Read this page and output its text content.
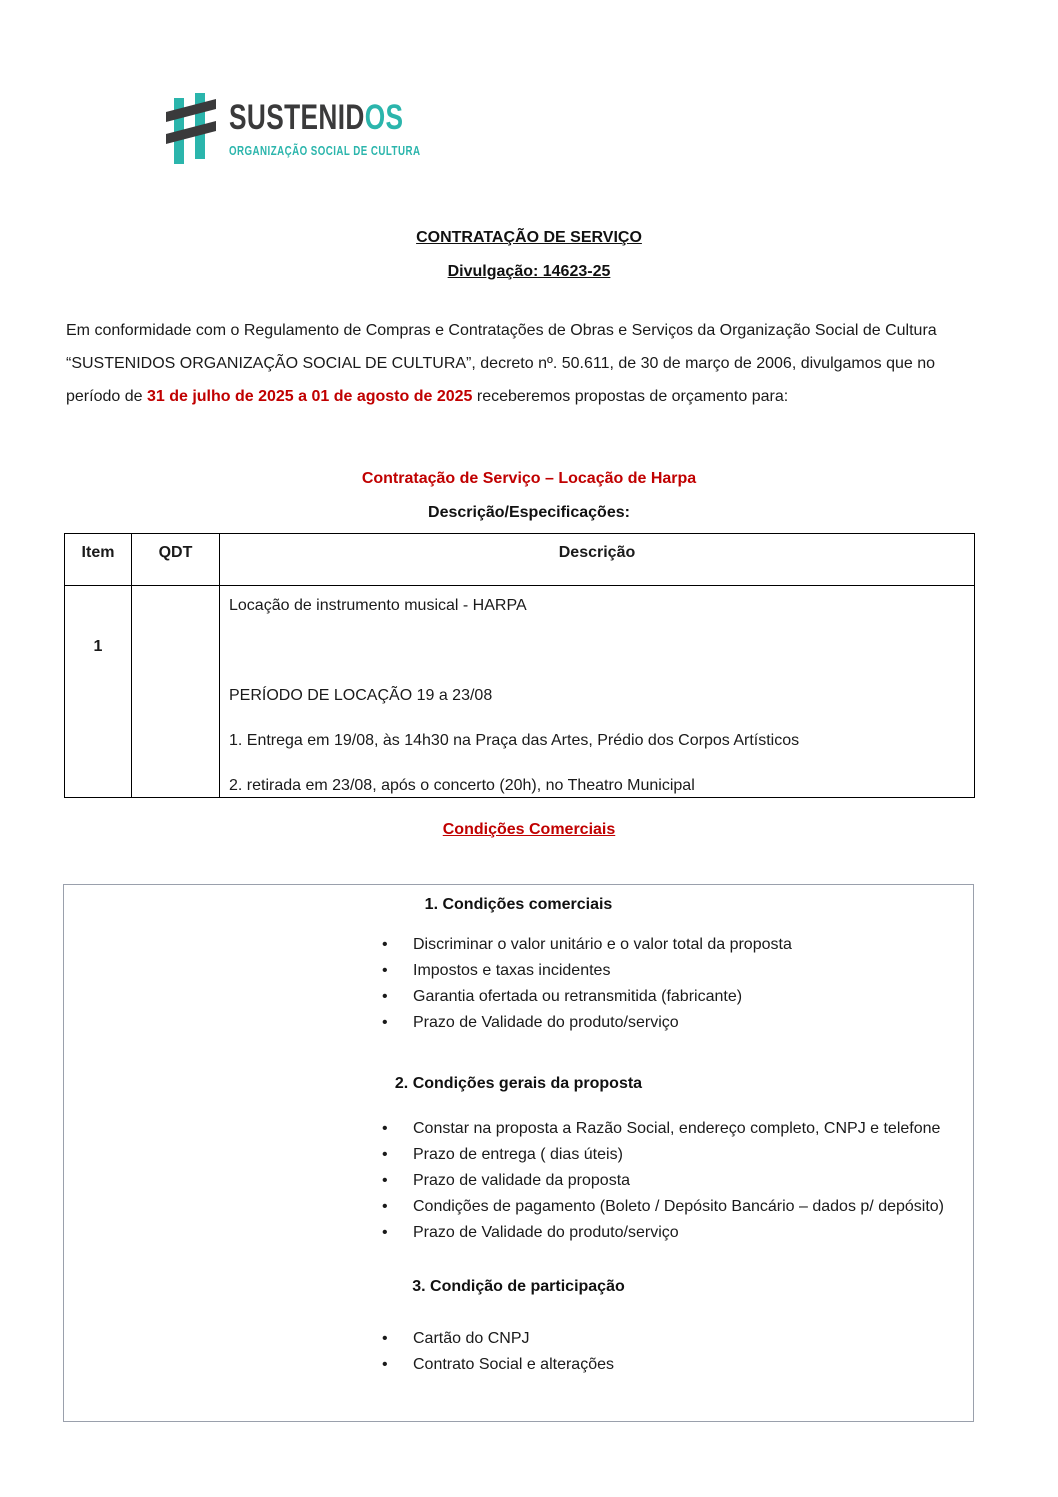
SUSTENIDOS
ORGANIZAÇÃO SOCIAL DE CULTURA
CONTRATAÇÃO DE SERVIÇO
Divulgação: 14623-25

Em conformidade com o Regulamento de Compras e Contratações de Obras e Serviços da Organização Social de Cultura “SUSTENIDOS ORGANIZAÇÃO SOCIAL DE CULTURA”, decreto nº. 50.611, de 30 de março de 2006, divulgamos que no período de 31 de julho de 2025 a 01 de agosto de 2025 receberemos propostas de orçamento para:

Contratação de Serviço – Locação de Harpa
Descrição/Especificações:
Item	QDT	Descrição
1		Locação de instrumento musical - HARPA
PERÍODO DE LOCAÇÃO 19 a 23/08
1. Entrega em 19/08, às 14h30 na Praça das Artes, Prédio dos Corpos Artísticos
2. retirada em 23/08, após o concerto (20h), no Theatro Municipal
Condições Comerciais
1. Condições comerciais
• Discriminar o valor unitário e o valor total da proposta
• Impostos e taxas incidentes
• Garantia ofertada ou retransmitida (fabricante)
• Prazo de Validade do produto/serviço
2. Condições gerais da proposta
• Constar na proposta a Razão Social, endereço completo, CNPJ e telefone
• Prazo de entrega ( dias úteis)
• Prazo de validade da proposta
• Condições de pagamento (Boleto / Depósito Bancário – dados p/ depósito)
• Prazo de Validade do produto/serviço
3. Condição de participação
• Cartão do CNPJ
• Contrato Social e alterações
